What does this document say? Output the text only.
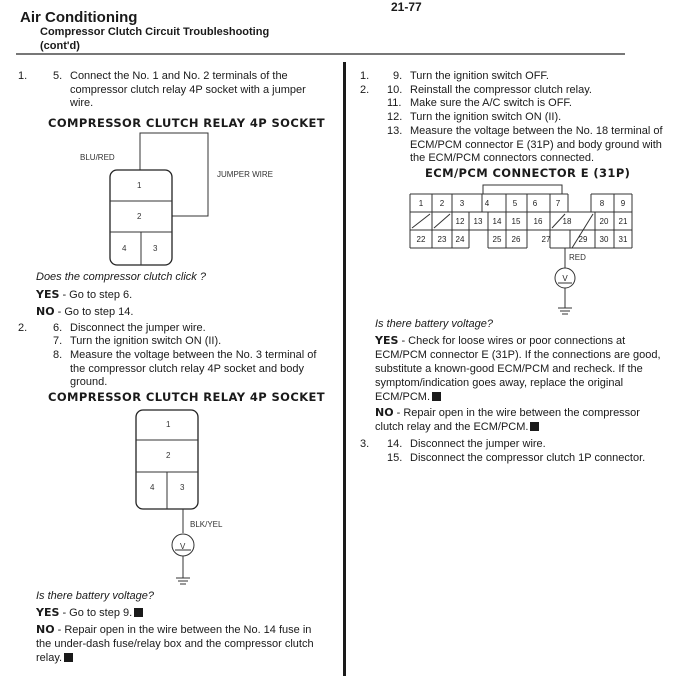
21-77
Air Conditioning
Compressor Clutch Circuit Troubleshooting
(cont'd)
1. 5. Connect the No. 1 and No. 2 terminals of the
compressor clutch relay 4P socket with a jumper
wire.
COMPRESSOR CLUTCH RELAY 4P SOCKET
BLU/RED
JUMPER WIRE
1
2
4	3
Does the compressor clutch click ?
YES - Go to step 6.
NO - Go to step 14.
2. 6. Disconnect the jumper wire.
7. Turn the ignition switch ON (II).
8. Measure the voltage between the No. 3 terminal of
the compressor clutch relay 4P socket and body
ground.
COMPRESSOR CLUTCH RELAY 4P SOCKET
1
2
4	3
BLK/YEL
V
Is there battery voltage?
YES - Go to step 9.
NO - Repair open in the wire between the No. 14 fuse in
the under-dash fuse/relay box and the compressor clutch
relay.
1.
2.
9. Turn the ignition switch OFF.
10. Reinstall the compressor clutch relay.
11. Make sure the A/C switch is OFF.
12. Turn the ignition switch ON (II).
13. Measure the voltage between the No. 18 terminal of
ECM/PCM connector E (31P) and body ground with
the ECM/PCM connectors connected.
ECM/PCM CONNECTOR E (31P)
1 2 3	4	5 6 7	8 9
12 13 14 15 16	18	20 21
22 23 24	25 26	27	29 30 31
V
RED
Is there battery voltage?
YES - Check for loose wires or poor connections at
ECM/PCM connector E (31P). If the connections are good,
substitute a known-good ECM/PCM and recheck. If the
symptom/indication goes away, replace the original
ECM/PCM.
NO - Repair open in the wire between the compressor
clutch relay and the ECM/PCM.
3. 14. Disconnect the jumper wire.
15. Disconnect the compressor clutch 1P connector.
